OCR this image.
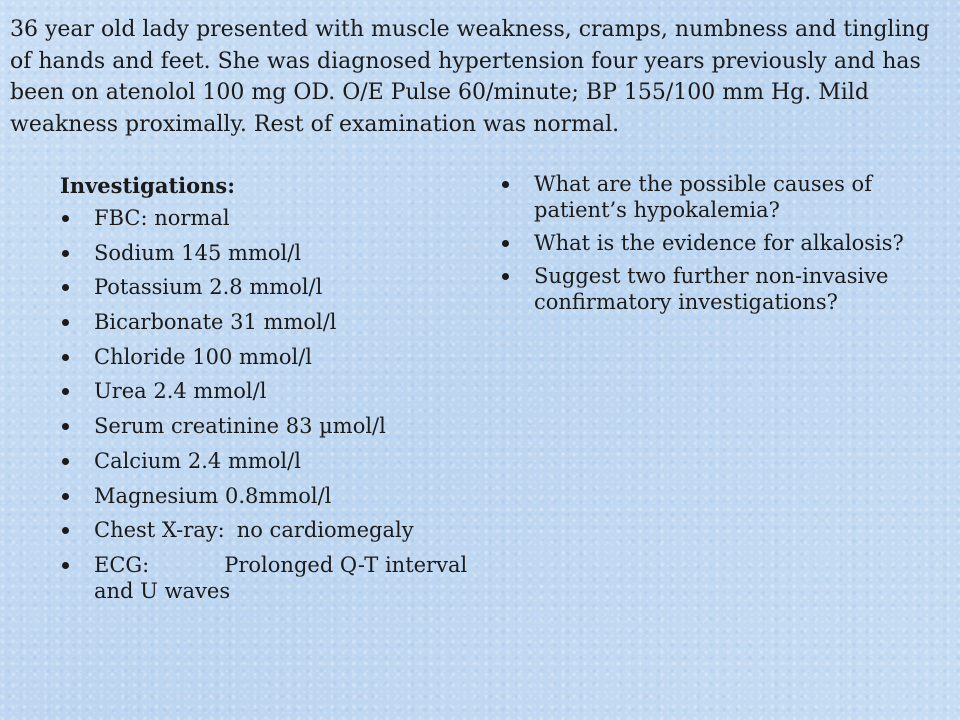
36 year old lady presented with muscle weakness, cramps, numbness and tingling of hands and feet. She was diagnosed hypertension four years previously and has been on atenolol 100 mg OD. O/E Pulse 60/minute; BP 155/100 mm Hg. Mild weakness proximally. Rest of examination was normal.

Investigations:
FBC: normal
Sodium 145 mmol/l
Potassium 2.8 mmol/l
Bicarbonate 31 mmol/l
Chloride 100 mmol/l
Urea 2.4 mmol/l
Serum creatinine 83 µmol/l
Calcium 2.4 mmol/l
Magnesium 0.8mmol/l
Chest X-ray: no cardiomegaly
ECG:	Prolonged Q-T interval and U waves
What are the possible causes of patient’s hypokalemia?
What is the evidence for alkalosis?
Suggest two further non-invasive confirmatory investigations?
